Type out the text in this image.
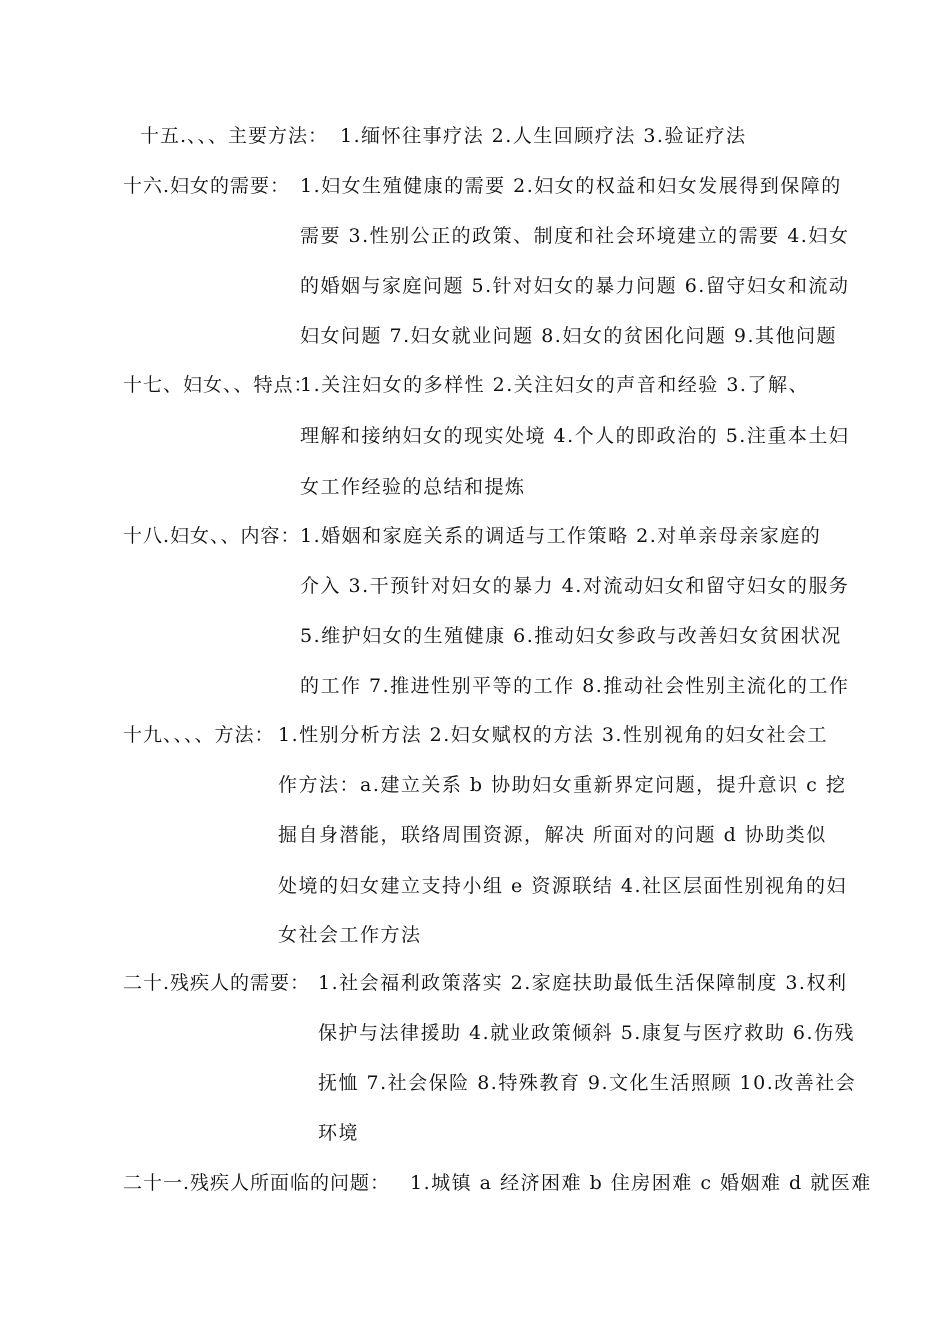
十五.、、、主要方法： 1.缅怀往事疗法 2.人生回顾疗法 3.验证疗法
十六.妇女的需要： 1.妇女生殖健康的需要 2.妇女的权益和妇女发展得到保障的
需要 3.性别公正的政策、制度和社会环境建立的需要 4.妇女
的婚姻与家庭问题 5.针对妇女的暴力问题 6.留守妇女和流动
妇女问题 7.妇女就业问题 8.妇女的贫困化问题 9.其他问题
十七、妇女、、特点：
1.关注妇女的多样性 2.关注妇女的声音和经验 3.了解、
理解和接纳妇女的现实处境 4.个人的即政治的 5.注重本土妇
女工作经验的总结和提炼
十八.妇女、、内容： 1.婚姻和家庭关系的调适与工作策略 2.对单亲母亲家庭的
介入 3.干预针对妇女的暴力 4.对流动妇女和留守妇女的服务
5.维护妇女的生殖健康 6.推动妇女参政与改善妇女贫困状况
的工作 7.推进性别平等的工作 8.推动社会性别主流化的工作
十九、、、、方法： 1.性别分析方法 2.妇女赋权的方法 3.性别视角的妇女社会工
作方法：a.建立关系 b 协助妇女重新界定问题，提升意识 c 挖
掘自身潜能，联络周围资源，解决 所面对的问题 d 协助类似
处境的妇女建立支持小组 e 资源联结 4.社区层面性别视角的妇
女社会工作方法
二十.残疾人的需要： 1.社会福利政策落实 2.家庭扶助最低生活保障制度 3.权利
保护与法律援助 4.就业政策倾斜 5.康复与医疗救助 6.伤残
抚恤 7.社会保险 8.特殊教育 9.文化生活照顾 10.改善社会
环境
二十一.残疾人所面临的问题： 1.城镇 a 经济困难 b 住房困难 c 婚姻难 d 就医难
